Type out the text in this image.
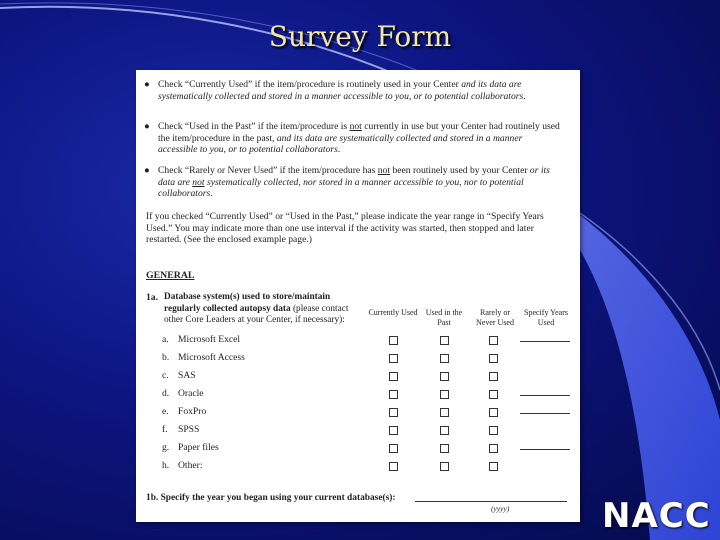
Survey Form
● Check “Currently Used” if the item/procedure is routinely used in your Center and its data are systematically collected and stored in a manner accessible to you, or to potential collaborators.
● Check “Used in the Past” if the item/procedure is not currently in use but your Center had routinely used the item/procedure in the past, and its data are systematically collected and stored in a manner accessible to you, or to potential collaborators.
● Check “Rarely or Never Used” if the item/procedure has not been routinely used by your Center or its data are not systematically collected, nor stored in a manner accessible to you, nor to potential collaborators.
If you checked “Currently Used” or “Used in the Past,” please indicate the year range in “Specify Years Used.” You may indicate more than one use interval if the activity was started, then stopped and later restarted. (See the enclosed example page.)
GENERAL
1a. Database system(s) used to store/maintain regularly collected autopsy data (please contact other Core Leaders at your Center, if necessary):
Currently Used	Used in the Past
Rarely or Never Used
Specify Years Used
a. Microsoft Excel
b. Microsoft Access
c. SAS
d. Oracle
e. FoxPro
f. SPSS
g. Paper files
h. Other:
1b. Specify the year you began using your current database(s):
(yyyy)	NACC
